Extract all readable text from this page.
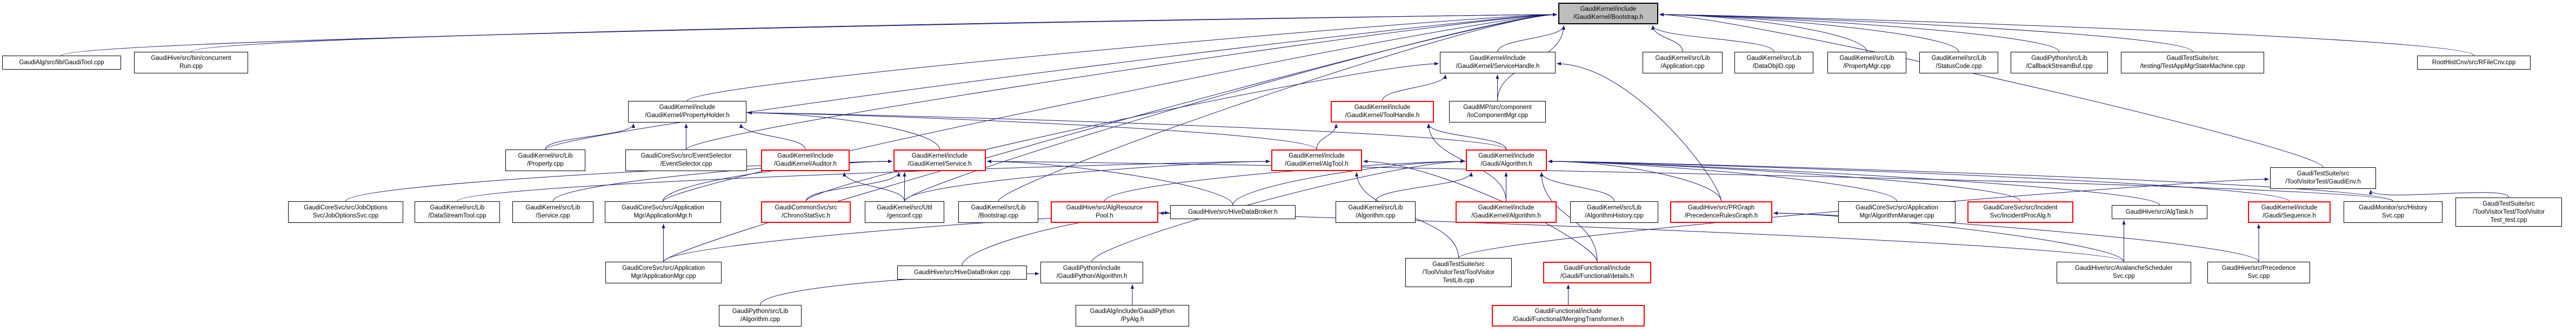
GaudiKernel/include
/GaudiKernel/Bootstrap.h
GaudiAlg/src/lib/GaudiTool.cpp
GaudiHive/src/bin/concurrent
Run.cpp
GaudiKernel/include
/GaudiKernel/ServiceHandle.h
GaudiKernel/src/Lib
/Application.cpp
GaudiKernel/src/Lib
/DataObjID.cpp
GaudiKernel/src/Lib
/PropertyMgr.cpp
GaudiKernel/src/Lib
/StatusCode.cpp
GaudiPython/src/Lib
/CallbackStreamBuf.cpp
GaudiTestSuite/src
/testing/TestAppMgrStateMachine.cpp
RootHistCnv/src/RFileCnv.cpp
GaudiKernel/include
/GaudiKernel/PropertyHolder.h
GaudiKernel/include
/GaudiKernel/ToolHandle.h
GaudiMP/src/component
/IoComponentMgr.cpp
GaudiKernel/src/Lib
/Property.cpp
GaudiCoreSvc/src/EventSelector
/EventSelector.cpp
GaudiKernel/include
/GaudiKernel/Auditor.h
GaudiKernel/include
/GaudiKernel/Service.h
GaudiKernel/include
/GaudiKernel/AlgTool.h
GaudiKernel/include
/Gaudi/Algorithm.h
GaudiTestSuite/src
/ToolVisitorTest/GaudiEnv.h
GaudiCoreSvc/src/JobOptions
Svc/JobOptionsSvc.cpp
GaudiKernel/src/Lib
/DataStreamTool.cpp
GaudiKernel/src/Lib
/Service.cpp
GaudiCoreSvc/src/Application
Mgr/ApplicationMgr.h
GaudiCommonSvc/src
/ChronoStatSvc.h
GaudiKernel/src/Util
/genconf.cpp
GaudiKernel/src/Lib
/Bootstrap.cpp
GaudiHive/src/AlgResource
Pool.h
GaudiHive/src/HiveDataBroker.h
GaudiKernel/src/Lib
/Algorithm.cpp
GaudiKernel/include
/GaudiKernel/Algorithm.h
GaudiKernel/src/Lib
/AlgorithmHistory.cpp
GaudiHive/src/PRGraph
/PrecedenceRulesGraph.h
GaudiCoreSvc/src/Application
Mgr/AlgorithmManager.cpp
GaudiCoreSvc/src/Incident
Svc/IncidentProcAlg.h
GaudiHive/src/AlgTask.h
GaudiKernel/include
/Gaudi/Sequence.h
GaudiMonitor/src/History
Svc.cpp
GaudiTestSuite/src
/ToolVisitorTest/ToolVisitor
Test_test.cpp
GaudiCoreSvc/src/Application
Mgr/ApplicationMgr.cpp
GaudiHive/src/HiveDataBroker.cpp
GaudiPython/include
/GaudiPython/Algorithm.h
GaudiTestSuite/src
/ToolVisitorTest/ToolVisitor
TestLib.cpp
GaudiFunctional/include
/Gaudi/Functional/details.h
GaudiHive/src/AvalancheScheduler
Svc.cpp
GaudiHive/src/Precedence
Svc.cpp
GaudiPython/src/Lib
/Algorithm.cpp
GaudiAlg/include/GaudiPython
/PyAlg.h
GaudiFunctional/include
/Gaudi/Functional/MergingTransformer.h
